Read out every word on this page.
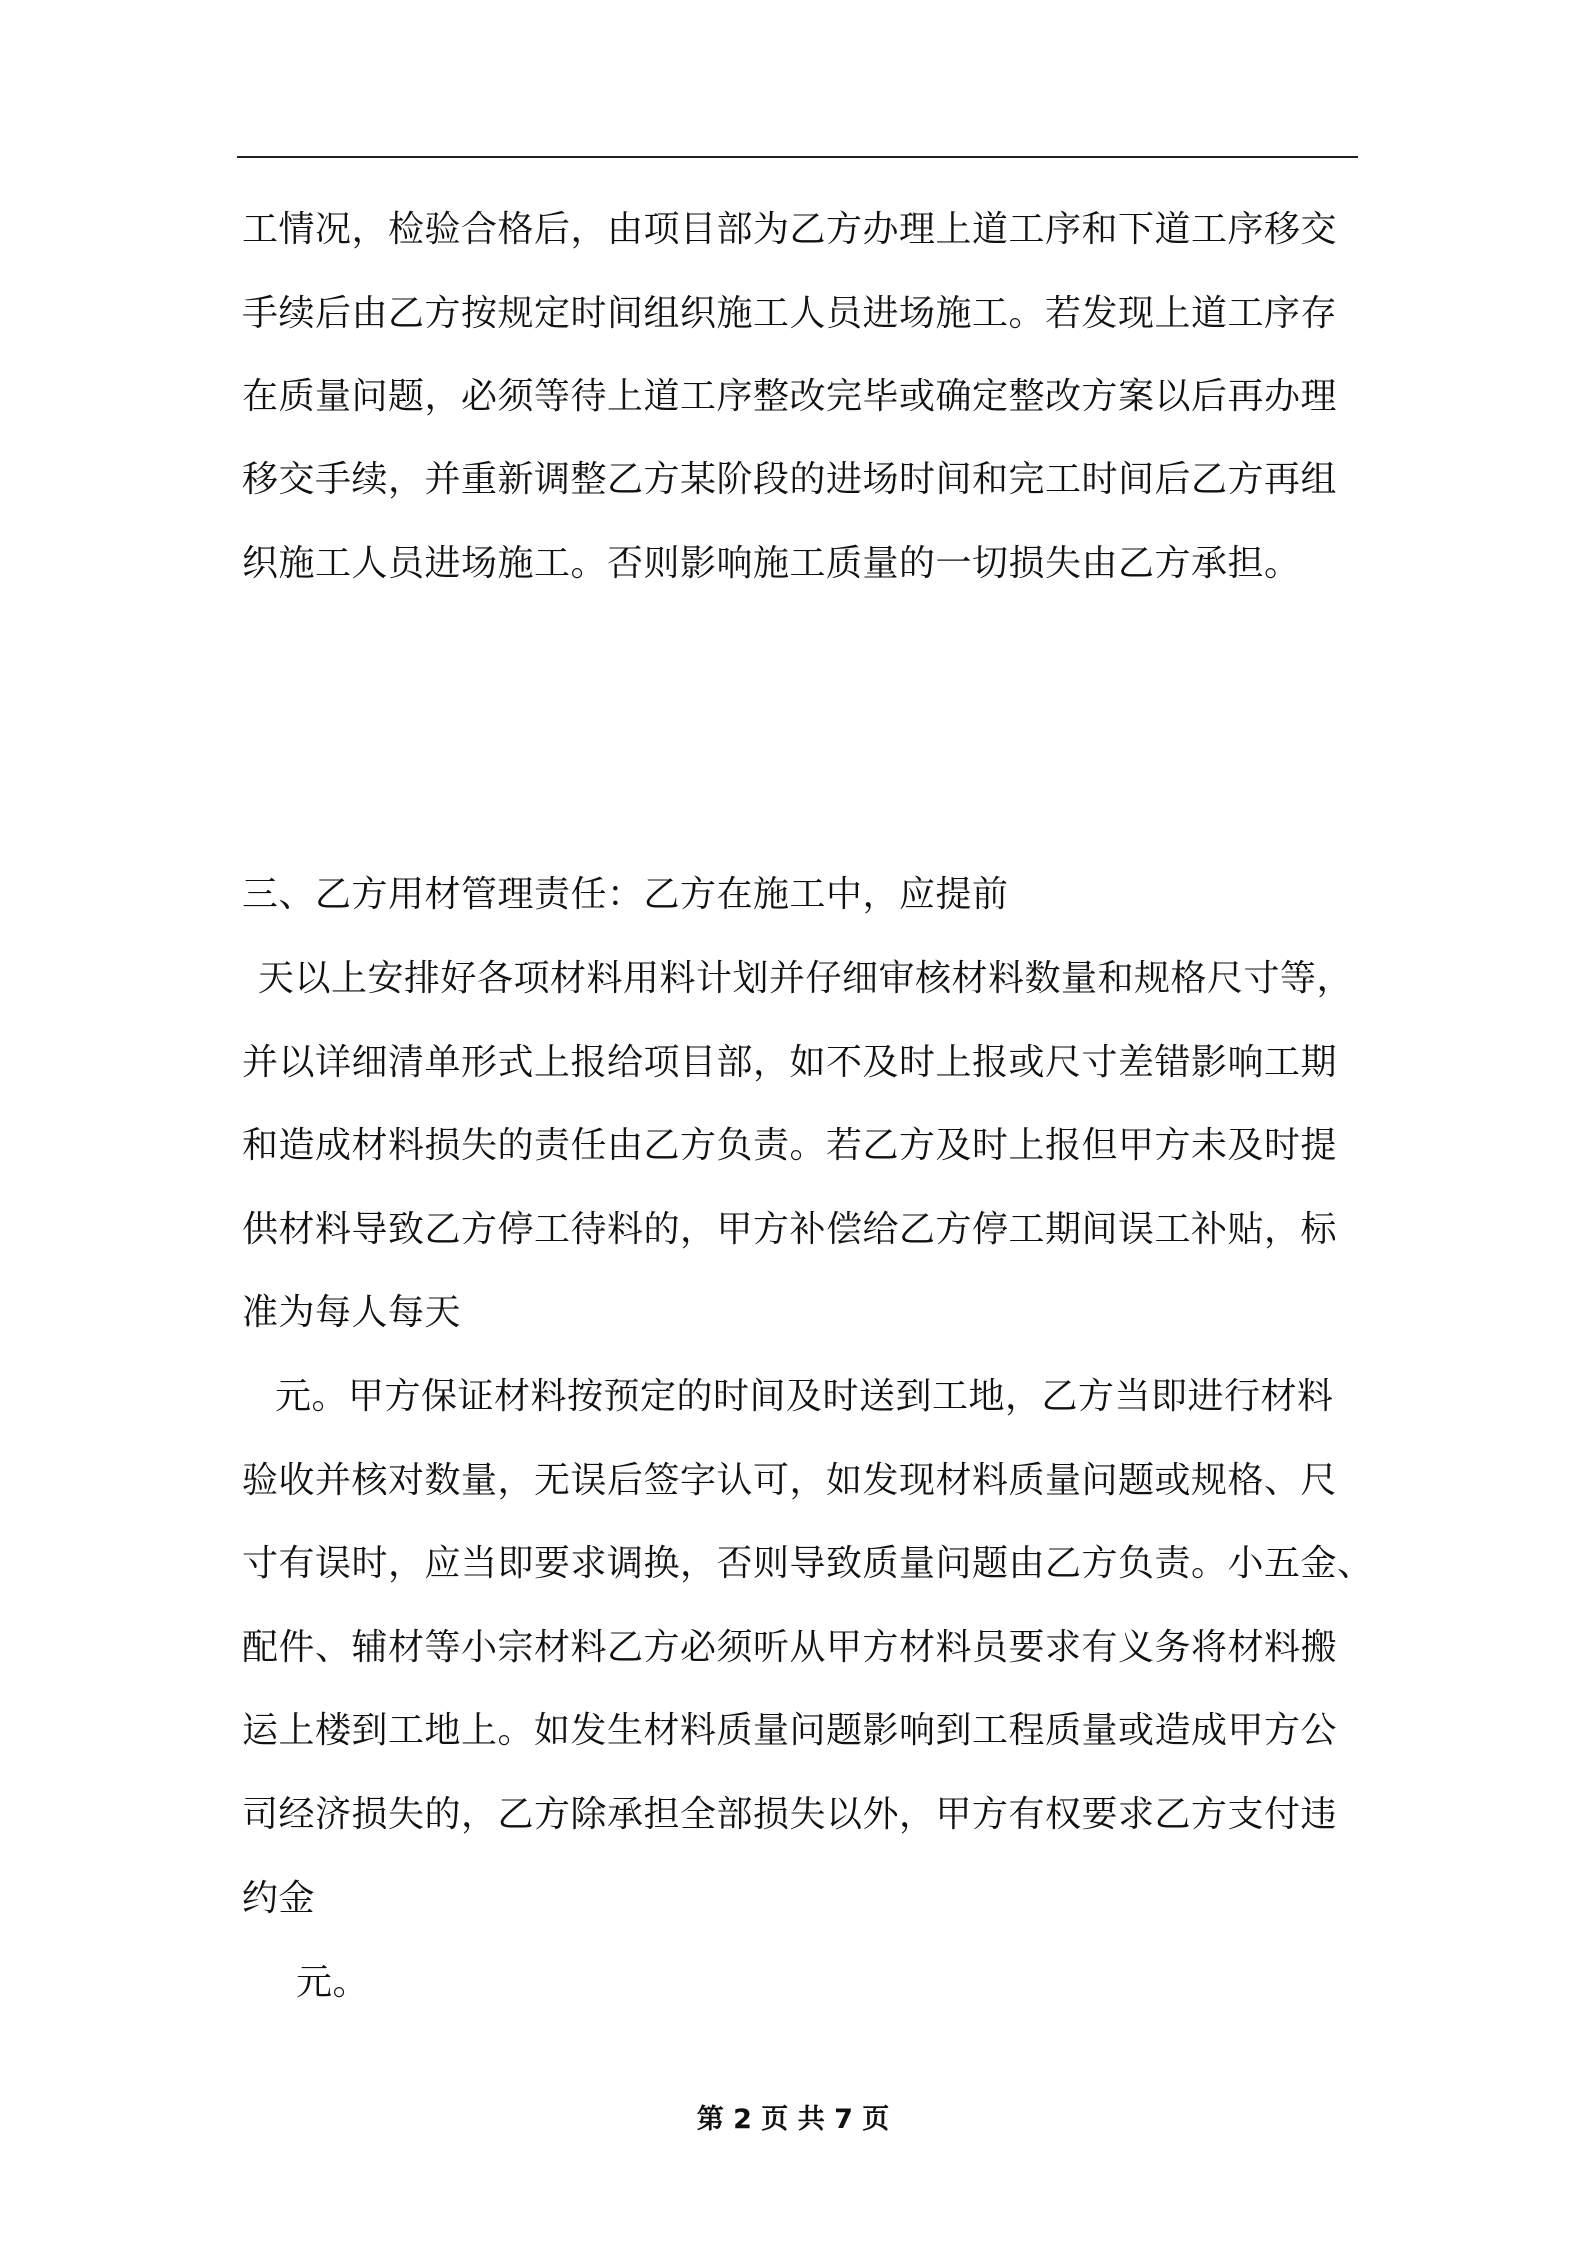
工情况，检验合格后，由项目部为乙方办理上道工序和下道工序移交
手续后由乙方按规定时间组织施工人员进场施工。若发现上道工序存
在质量问题，必须等待上道工序整改完毕或确定整改方案以后再办理
移交手续，并重新调整乙方某阶段的进场时间和完工时间后乙方再组
织施工人员进场施工。否则影响施工质量的一切损失由乙方承担。
三、乙方用材管理责任：乙方在施工中，应提前
天以上安排好各项材料用料计划并仔细审核材料数量和规格尺寸等，
并以详细清单形式上报给项目部，如不及时上报或尺寸差错影响工期
和造成材料损失的责任由乙方负责。若乙方及时上报但甲方未及时提
供材料导致乙方停工待料的，甲方补偿给乙方停工期间误工补贴，标
准为每人每天
元。甲方保证材料按预定的时间及时送到工地，乙方当即进行材料
验收并核对数量，无误后签字认可，如发现材料质量问题或规格、尺
寸有误时，应当即要求调换，否则导致质量问题由乙方负责。小五金、
配件、辅材等小宗材料乙方必须听从甲方材料员要求有义务将材料搬
运上楼到工地上。如发生材料质量问题影响到工程质量或造成甲方公
司经济损失的，乙方除承担全部损失以外，甲方有权要求乙方支付违
约金
元。
第 2 页 共 7 页
